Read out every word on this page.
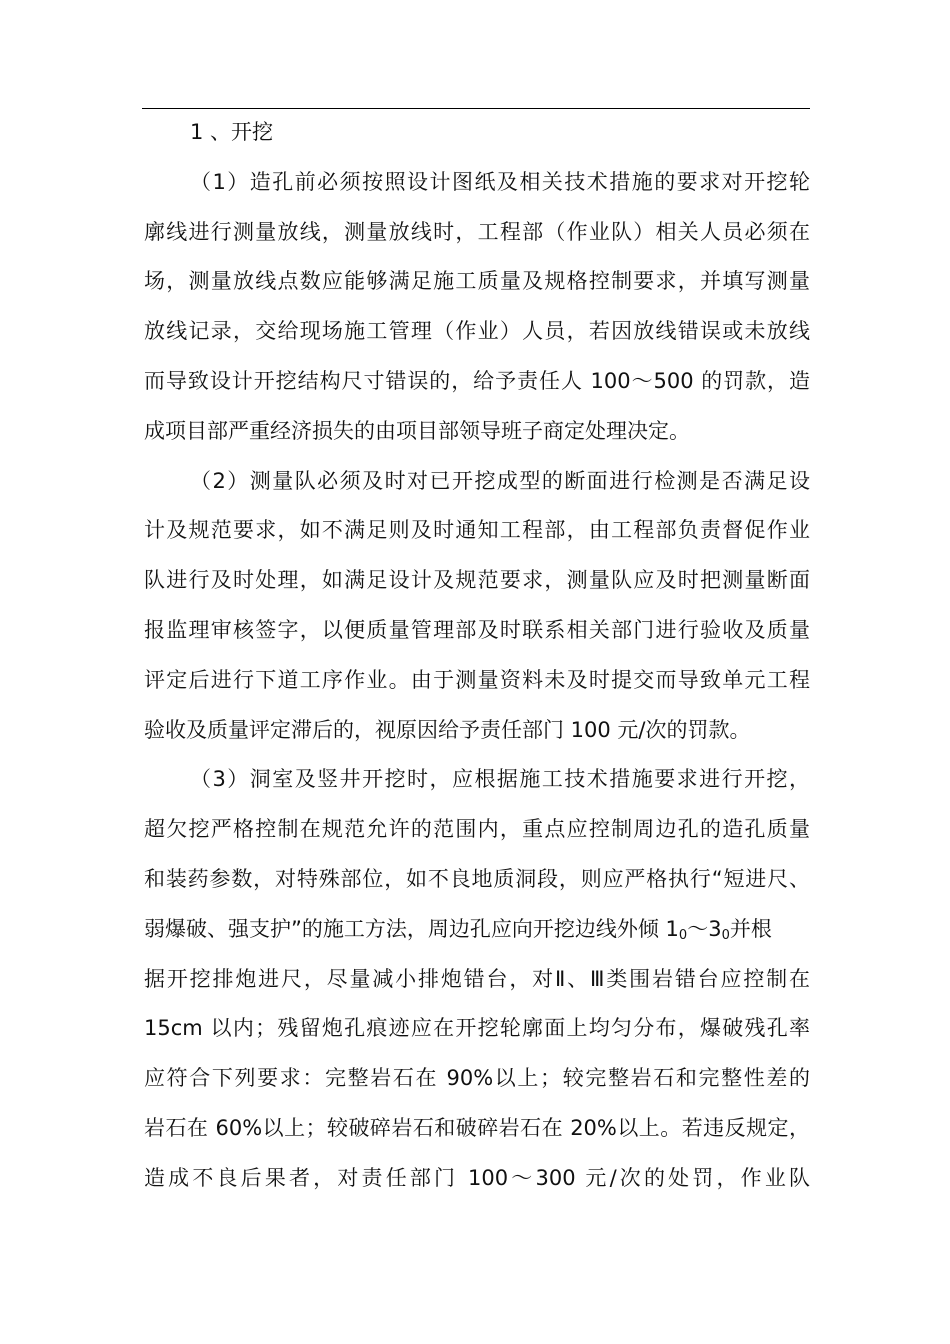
1 、开挖
（1）造孔前必须按照设计图纸及相关技术措施的要求对开挖轮
廓线进行测量放线，测量放线时，工程部（作业队）相关人员必须在
场，测量放线点数应能够满足施工质量及规格控制要求，并填写测量
放线记录，交给现场施工管理（作业）人员，若因放线错误或未放线
而导致设计开挖结构尺寸错误的，给予责任人 100～500 的罚款，造
成项目部严重经济损失的由项目部领导班子商定处理决定。
（2）测量队必须及时对已开挖成型的断面进行检测是否满足设
计及规范要求，如不满足则及时通知工程部，由工程部负责督促作业
队进行及时处理，如满足设计及规范要求，测量队应及时把测量断面
报监理审核签字，以便质量管理部及时联系相关部门进行验收及质量
评定后进行下道工序作业。由于测量资料未及时提交而导致单元工程
验收及质量评定滞后的，视原因给予责任部门 100 元/次的罚款。
（3）洞室及竖井开挖时，应根据施工技术措施要求进行开挖，
超欠挖严格控制在规范允许的范围内，重点应控制周边孔的造孔质量
和装药参数，对特殊部位，如不良地质洞段，则应严格执行“短进尺、
弱爆破、强支护”的施工方法，周边孔应向开挖边线外倾 $1_0\sim 3_0$并根
据开挖排炮进尺，尽量减小排炮错台，对Ⅱ、Ⅲ类围岩错台应控制在
15cm 以内；残留炮孔痕迹应在开挖轮廓面上均匀分布，爆破残孔率
应符合下列要求：完整岩石在 90%以上；较完整岩石和完整性差的
岩石在 60%以上；较破碎岩石和破碎岩石在 20%以上。若违反规定，
造成不良后果者，对责任部门 100～300 元/次的处罚，作业队
